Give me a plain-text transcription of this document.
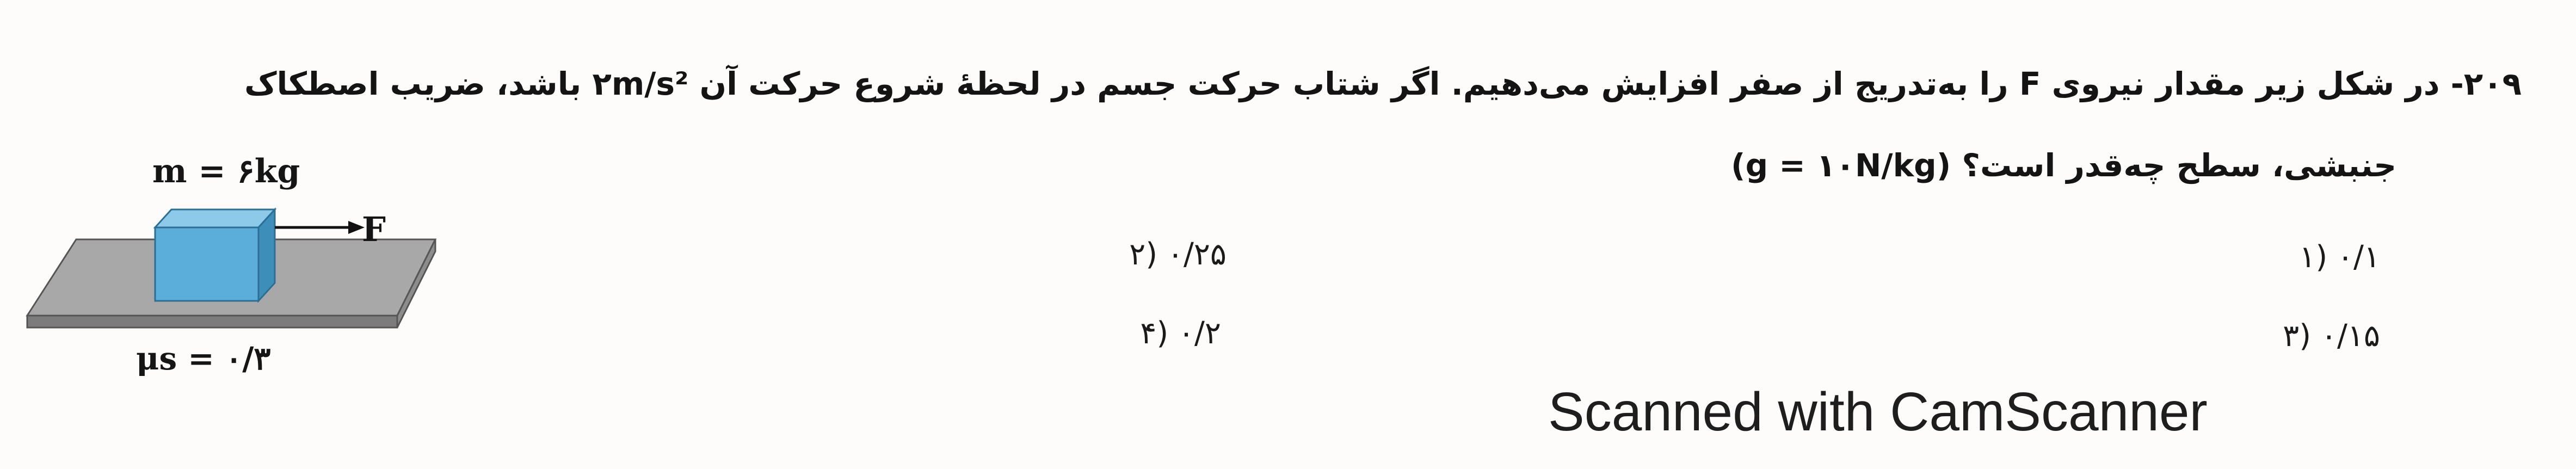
۲۰۹- در شکل زیر مقدار نیروی F را به‌تدریج از صفر افزایش می‌دهیم. اگر شتاب حرکت جسم در لحظهٔ شروع حرکت آن ۲m/s² باشد، ضریب اصطکاک
جنبشی، سطح چه‌قدر است؟ (g = ۱۰N/kg)
۰/۱ (۱
۰/۲۵ (۲
۰/۱۵ (۳
۰/۲ (۴
m = ۶kg
F
μs = ۰/۳
Scanned with CamScanner
